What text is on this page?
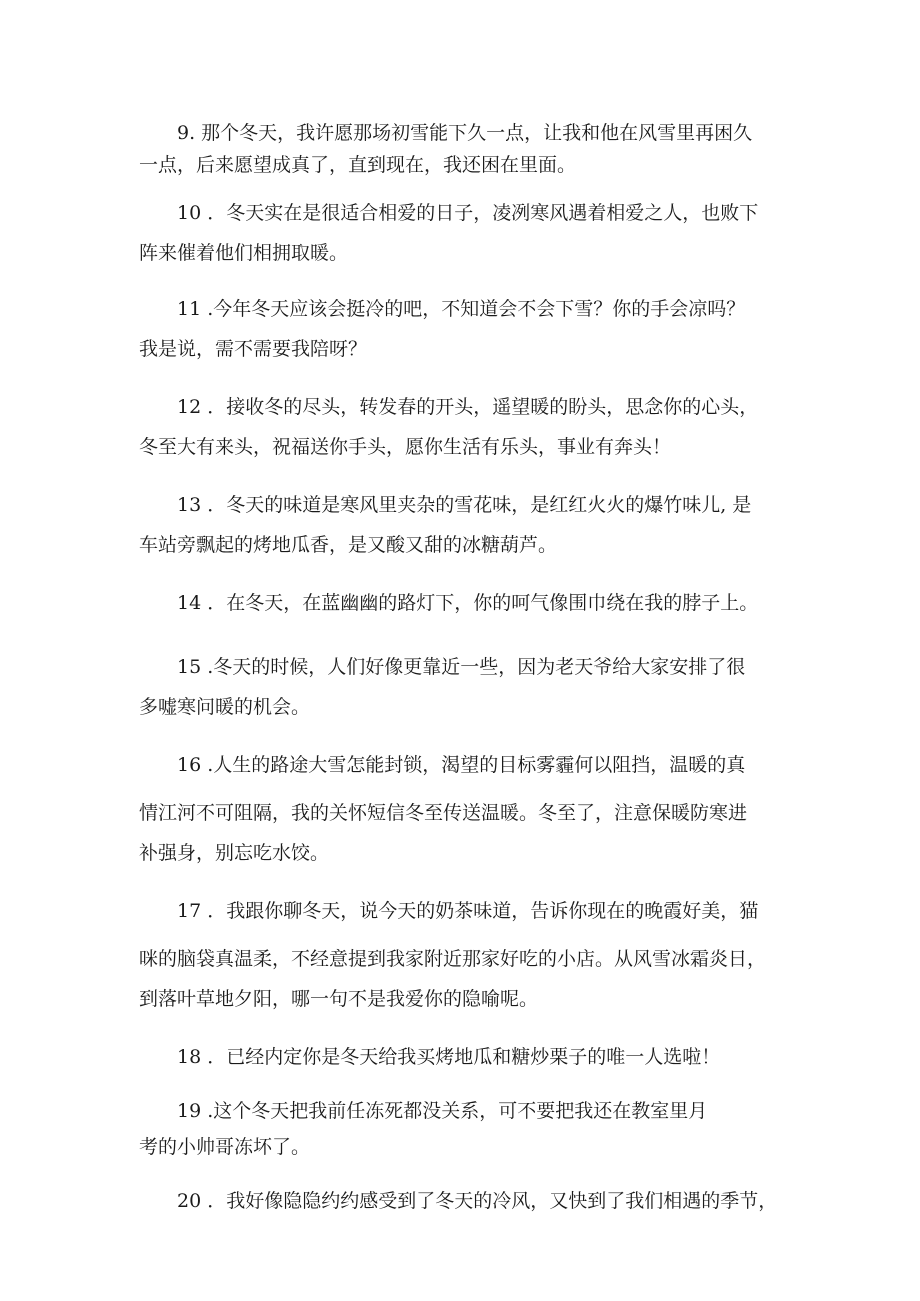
9. 那个冬天，我许愿那场初雪能下久一点，让我和他在风雪里再困久
一点，后来愿望成真了，直到现在，我还困在里面。
10 ．冬天实在是很适合相爱的日子，凌冽寒风遇着相爱之人，也败下
阵来催着他们相拥取暖。
11 .今年冬天应该会挺冷的吧，不知道会不会下雪？你的手会凉吗？
我是说，需不需要我陪呀？
12 ．接收冬的尽头，转发春的开头，遥望暖的盼头，思念你的心头，
冬至大有来头，祝福送你手头，愿你生活有乐头，事业有奔头！
13 ．冬天的味道是寒风里夹杂的雪花味，是红红火火的爆竹味儿, 是
车站旁飘起的烤地瓜香，是又酸又甜的冰糖葫芦。
14 ．在冬天，在蓝幽幽的路灯下，你的呵气像围巾绕在我的脖子上。
15 .冬天的时候，人们好像更靠近一些，因为老天爷给大家安排了很
多嘘寒问暖的机会。
16 .人生的路途大雪怎能封锁，渴望的目标雾霾何以阻挡，温暖的真
情江河不可阻隔，我的关怀短信冬至传送温暖。冬至了，注意保暖防寒进
补强身，别忘吃水饺。
17 ．我跟你聊冬天，说今天的奶茶味道，告诉你现在的晚霞好美，猫
咪的脑袋真温柔，不经意提到我家附近那家好吃的小店。从风雪冰霜炎日，
到落叶草地夕阳，哪一句不是我爱你的隐喻呢。
18 ．已经内定你是冬天给我买烤地瓜和糖炒栗子的唯一人选啦！
19 .这个冬天把我前任冻死都没关系，可不要把我还在教室里月
考的小帅哥冻坏了。
20 ．我好像隐隐约约感受到了冬天的冷风，又快到了我们相遇的季节，
